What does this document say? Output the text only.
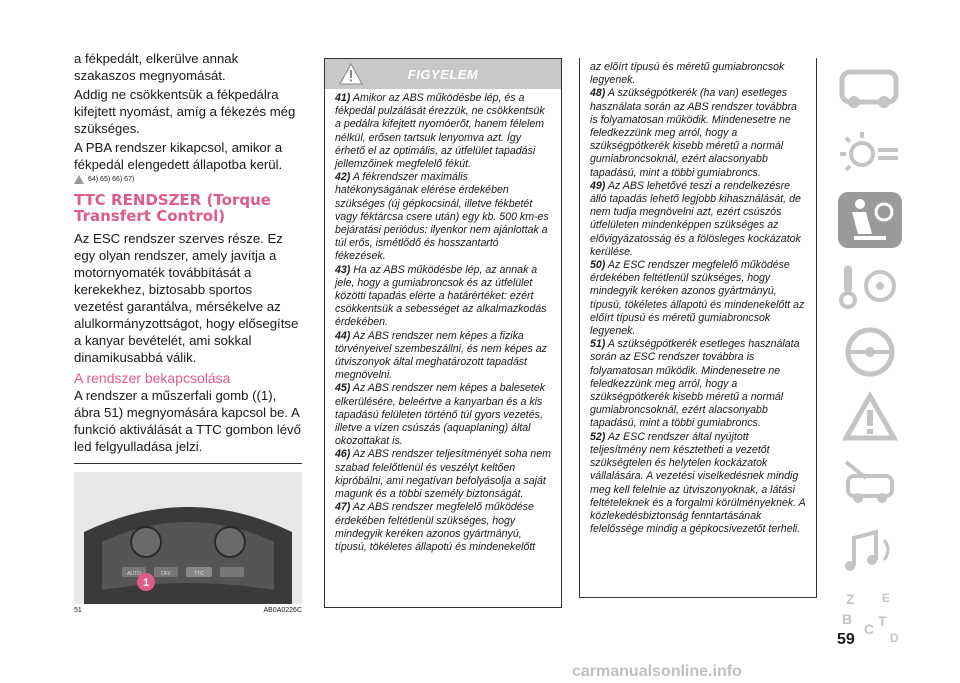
a fékpedált, elkerülve annak szakaszos megnyomását.

Addig ne csökkentsük a fékpedálra kifejtett nyomást, amíg a fékezés még szükséges.

A PBA rendszer kikapcsol, amikor a fékpedál elengedett állapotba kerül.

64) 65) 66) 67)
TTC RENDSZER (Torque Transfert Control)

Az ESC rendszer szerves része. Ez egy olyan rendszer, amely javítja a motornyomaték továbbítását a kerekekhez, biztosabb sportos vezetést garantálva, mérsékelve az alulkormányzottságot, hogy elősegítse a kanyar bevételét, ami sokkal dinamikusabbá válik.

A rendszer bekapcsolása

A rendszer a műszerfali gomb ((1), ábra 51) megnyomására kapcsol be. A funkció aktiválását a TTC gombon lévő led felgyulladása jelzi.

AUTO	OFF	TTC
1
51	AB0A0226C
FIGYELEM

41) Amikor az ABS működésbe lép, és a fékpedál pulzálását érezzük, ne csökkentsük a pedálra kifejtett nyomóerőt, hanem félelem nélkül, erősen tartsuk lenyomva azt. Így érhető el az optimális, az útfelület tapadási jellemzőinek megfelelő fékút.

42) A fékrendszer maximális hatékonyságának elérése érdekében szükséges (új gépkocsinál, illetve fékbetét vagy féktárcsa csere után) egy kb. 500 km-es bejáratási periódus: ilyenkor nem ajánlottak a túl erős, ismétlődő és hosszantartó fékezések.

43) Ha az ABS működésbe lép, az annak a jele, hogy a gumiabroncsok és az útfelület közötti tapadás elérte a határértéket: ezért csökkentsük a sebességet az alkalmazkodás érdekében.

44) Az ABS rendszer nem képes a fizika törvényeivel szembeszállni, és nem képes az útviszonyok által meghatározott tapadást megnövelni.

45) Az ABS rendszer nem képes a balesetek elkerülésére, beleértve a kanyarban és a kis tapadású felületen történő túl gyors vezetés, illetve a vízen csúszás (aquaplaning) által okozottakat is.

46) Az ABS rendszer teljesítményét soha nem szabad felelőtlenül és veszélyt keltően kipróbálni, ami negatívan befolyásolja a saját magunk és a többi személy biztonságát.

47) Az ABS rendszer megfelelő működése érdekében feltétlenül szükséges, hogy mindegyik keréken azonos gyártmányú, típusú, tökéletes állapotú és mindenekelőtt

az előírt típusú és méretű gumiabroncsok legyenek.

48) A szükségpótkerék (ha van) esetleges használata során az ABS rendszer továbbra is folyamatosan működik. Mindenesetre ne feledkezzünk meg arról, hogy a szükségpótkerék kisebb méretű a normál gumiabroncsoknál, ezért alacsonyabb tapadású, mint a többi gumiabroncs.

49) Az ABS lehetővé teszi a rendelkezésre álló tapadás lehető legjobb kihasználását, de nem tudja megnövelni azt, ezért csúszós útfelületen mindenképpen szükséges az elővigyázatosság és a fölösleges kockázatok kerülése.

50) Az ESC rendszer megfelelő működése érdekében feltétlenül szükséges, hogy mindegyik keréken azonos gyártmányú, típusú, tökéletes állapotú és mindenekelőtt az előírt típusú és méretű gumiabroncsok legyenek.

51) A szükségpótkerék esetleges használata során az ESC rendszer továbbra is folyamatosan működik. Mindenesetre ne feledkezzünk meg arról, hogy a szükségpótkerék kisebb méretű a normál gumiabroncsoknál, ezért alacsonyabb tapadású, mint a többi gumiabroncs.

52) Az ESC rendszer által nyújtott teljesítmény nem késztetheti a vezetőt szükségtelen és helytelen kockázatok vállalására. A vezetési viselkedésnek mindig meg kell felelnie az útviszonyoknak, a látási feltételeknek és a forgalmi körülményeknek. A közlekedésbiztonság fenntartásának felelőssége mindig a gépkocsivezetőt terheli.

Z E
B
C T
D
59
carmanualsonline.info
